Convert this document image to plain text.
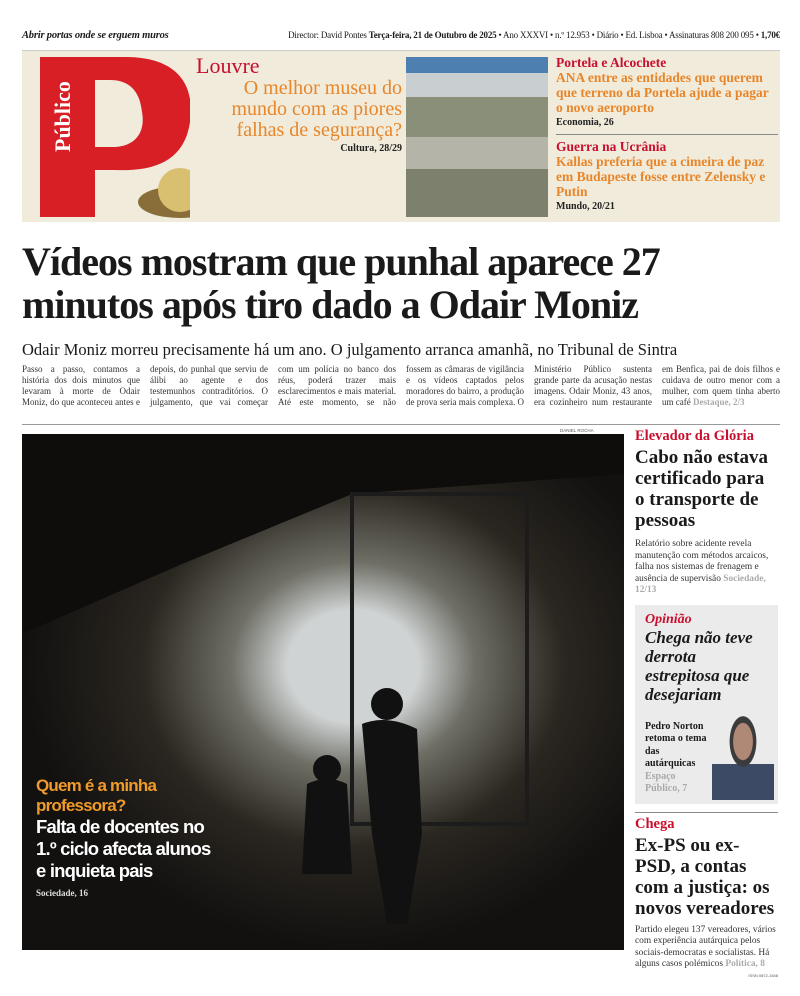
Abrir portas onde se erguem muros	Director: David Pontes Terça-feira, 21 de Outubro de 2025 • Ano XXXVI • n.º 12.953 • Diário • Ed. Lisboa • Assinaturas 808 200 095 • 1,70€
Público
Louvre
O melhor museu do mundo com as piores falhas de segurança?
Cultura, 28/29
Portela e Alcochete
ANA entre as entidades que querem que terreno da Portela ajude a pagar o novo aeroporto
Economia, 26
Guerra na Ucrânia
Kallas preferia que a cimeira de paz em Budapeste fosse entre Zelensky e Putin
Mundo, 20/21
Vídeos mostram que punhal aparece 27 minutos após tiro dado a Odair Moniz
Odair Moniz morreu precisamente há um ano. O julgamento arranca amanhã, no Tribunal de Sintra
Passo a passo, contamos a história dos dois minutos que levaram à morte de Odair Moniz, do que aconteceu antes e depois, do punhal que serviu de álibi ao agente e dos testemunhos contraditórios. O julgamento, que vai começar com um polícia no banco dos réus, poderá trazer mais esclarecimentos e mais material. Até este momento, se não fossem as câmaras de vigilância e os vídeos captados pelos moradores do bairro, a produção de prova seria mais complexa. O Ministério Público sustenta grande parte da acusação nestas imagens. Odair Moniz, 43 anos, era cozinheiro num restaurante em Benfica, pai de dois filhos e cuidava de outro menor com a mulher, com quem tinha aberto um café Destaque, 2/3
DANIEL ROCHA
Quem é a minha professora?
Falta de docentes no 1.º ciclo afecta alunos e inquieta pais
Sociedade, 16
Elevador da Glória
Cabo não estava certificado para o transporte de pessoas
Relatório sobre acidente revela manutenção com métodos arcaicos, falha nos sistemas de frenagem e ausência de supervisão Sociedade, 12/13
Opinião
Chega não teve derrota estrepitosa que desejariam
Pedro Norton retoma o tema das autárquicas
Espaço Público, 7
Chega
Ex-PS ou ex-PSD, a contas com a justiça: os novos vereadores
Partido elegeu 137 vereadores, vários com experiência autárquica pelos sociais-democratas e socialistas. Há alguns casos polémicos Política, 8
ISSN 0872-1548
